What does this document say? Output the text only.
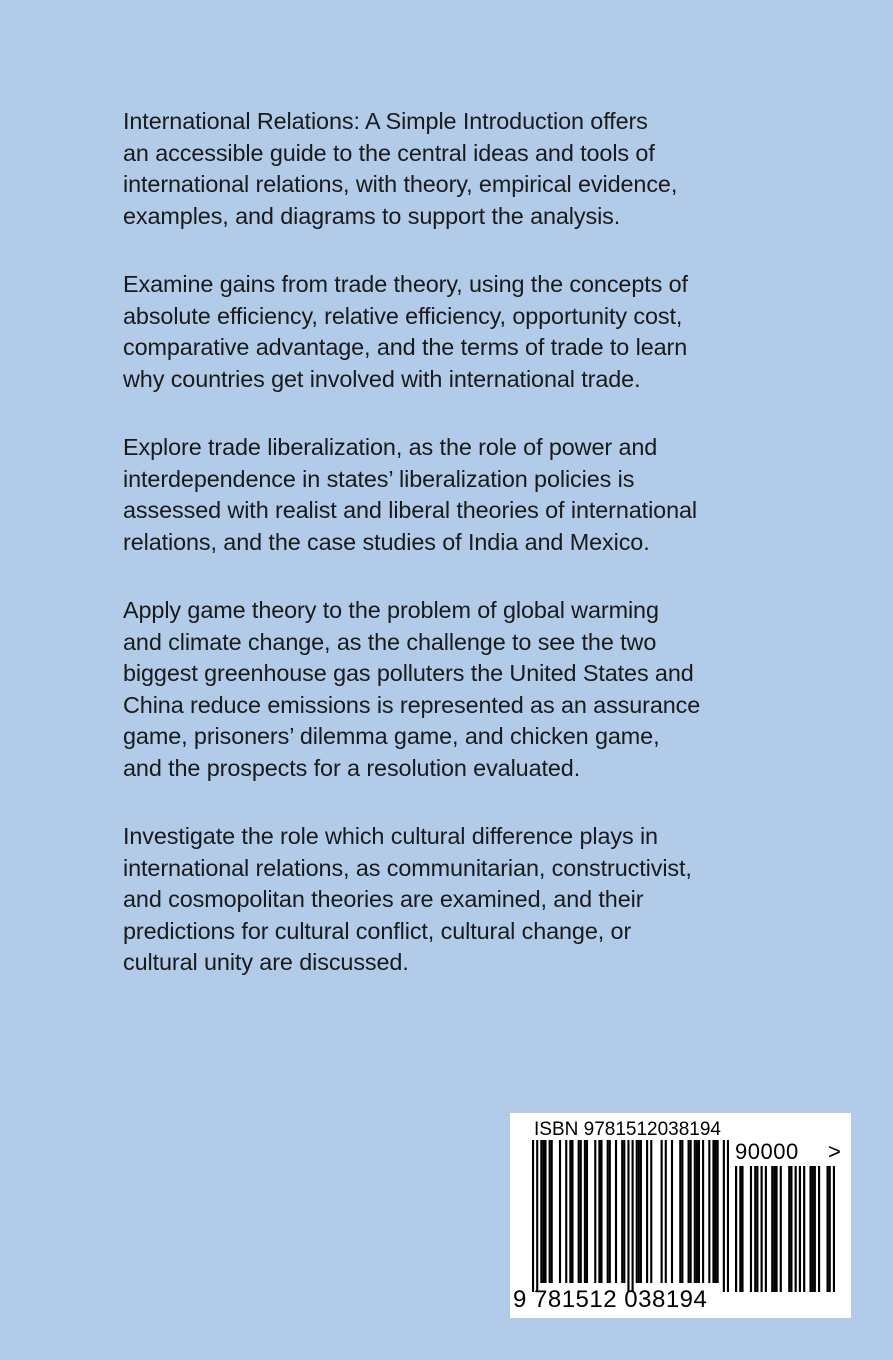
International Relations: A Simple Introduction offers
an accessible guide to the central ideas and tools of
international relations, with theory, empirical evidence,
examples, and diagrams to support the analysis.

Examine gains from trade theory, using the concepts of
absolute efficiency, relative efficiency, opportunity cost,
comparative advantage, and the terms of trade to learn
why countries get involved with international trade.

Explore trade liberalization, as the role of power and
interdependence in states’ liberalization policies is
assessed with realist and liberal theories of international
relations, and the case studies of India and Mexico.

Apply game theory to the problem of global warming
and climate change, as the challenge to see the two
biggest greenhouse gas polluters the United States and
China reduce emissions is represented as an assurance
game, prisoners’ dilemma game, and chicken game,
and the prospects for a resolution evaluated.

Investigate the role which cultural difference plays in
international relations, as communitarian, constructivist,
and cosmopolitan theories are examined, and their
predictions for cultural conflict, cultural change, or
cultural unity are discussed.

ISBN 9781512038194
90000 >
9 781512 038194
